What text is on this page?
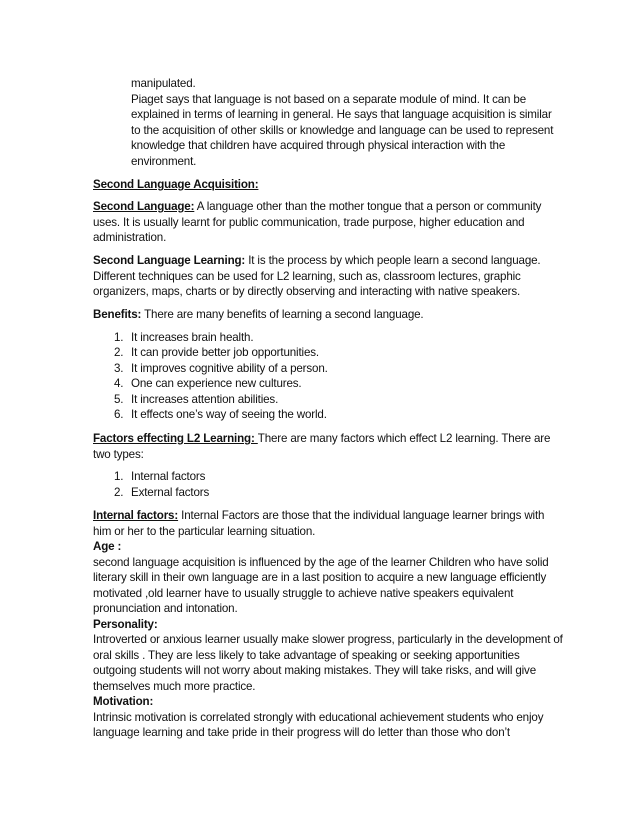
manipulated.

Piaget says that language is not based on a separate module of mind. It can be explained in terms of learning in general. He says that language acquisition is similar to the acquisition of other skills or knowledge and language can be used to represent knowledge that children have acquired through physical interaction with the environment.

Second Language Acquisition:

Second Language: A language other than the mother tongue that a person or community uses. It is usually learnt for public communication, trade purpose, higher education and administration.

Second Language Learning: It is the process by which people learn a second language. Different techniques can be used for L2 learning, such as, classroom lectures, graphic organizers, maps, charts or by directly observing and interacting with native speakers.

Benefits: There are many benefits of learning a second language.

1. It increases brain health.
2. It can provide better job opportunities.
3. It improves cognitive ability of a person.
4. One can experience new cultures.
5. It increases attention abilities.
6. It effects one’s way of seeing the world.

Factors effecting L2 Learning: There are many factors which effect L2 learning. There are two types:

1. Internal factors
2. External factors

Internal factors: Internal Factors are those that the individual language learner brings with him or her to the particular learning situation.

Age :

second language acquisition is influenced by the age of the learner Children who have solid literary skill in their own language are in a last position to acquire a new language efficiently motivated ,old learner have to usually struggle to achieve native speakers equivalent pronunciation and intonation.

Personality:

Introverted or anxious learner usually make slower progress, particularly in the development of oral skills . They are less likely to take advantage of speaking or seeking apportunities outgoing students will not worry about making mistakes. They will take risks, and will give themselves much more practice.

Motivation:

Intrinsic motivation is correlated strongly with educational achievement students who enjoy language learning and take pride in their progress will do letter than those who don’t
